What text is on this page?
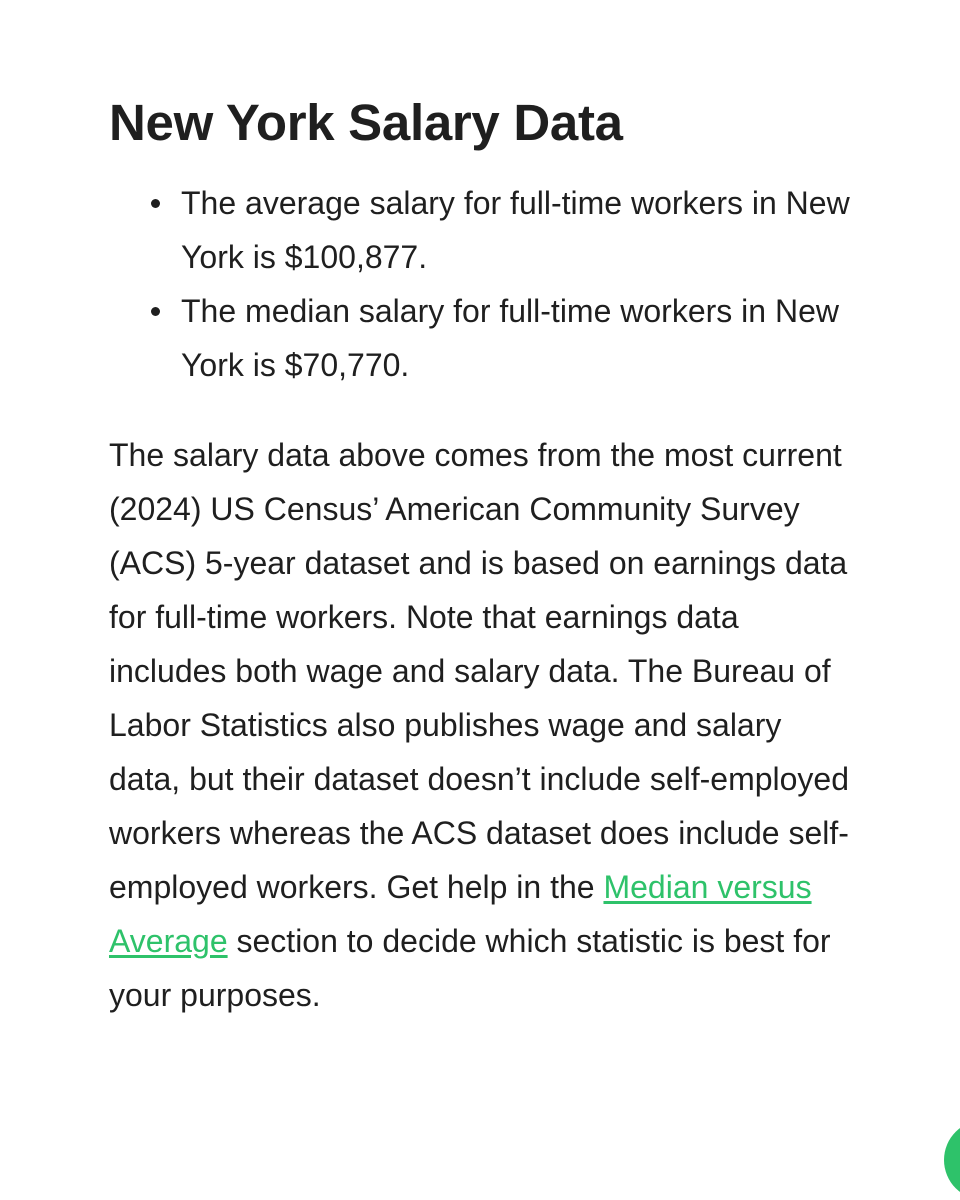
New York Salary Data
The average salary for full-time workers in New York is $100,877.
The median salary for full-time workers in New York is $70,770.

The salary data above comes from the most current (2024) US Census’ American Community Survey (ACS) 5-year dataset and is based on earnings data for full-time workers. Note that earnings data includes both wage and salary data. The Bureau of Labor Statistics also publishes wage and salary data, but their dataset doesn’t include self-employed workers whereas the ACS dataset does include self-employed workers. Get help in the Median versus Average section to decide which statistic is best for your purposes.
